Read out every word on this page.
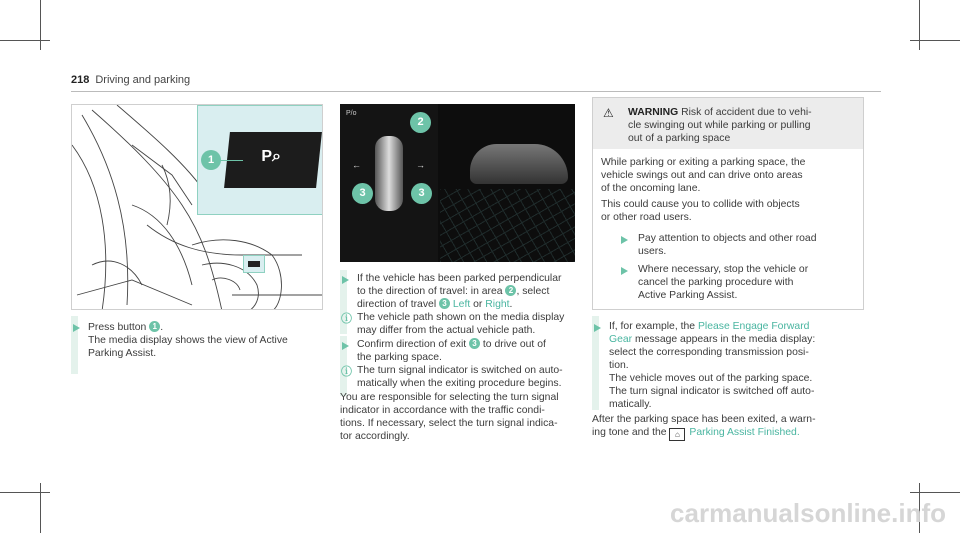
218 Driving and parking
P⌕
1

Press button 1 .

The media display shows the view of Active

Parking Assist.

P/o
←	→
2
3	3

If the vehicle has been parked perpendicular

to the direction of travel: in area 2 , select

direction of travel 3 Left or Right.

ⓘ The vehicle path shown on the media display

may differ from the actual vehicle path.

Confirm direction of exit 3 to drive out of

the parking space.

ⓘ The turn signal indicator is switched on auto-

matically when the exiting procedure begins.

You are responsible for selecting the turn signal

indicator in accordance with the traffic condi-

tions. If necessary, select the turn signal indica-

tor accordingly.

⚠ WARNING Risk of accident due to vehi-

cle swinging out while parking or pulling

out of a parking space

While parking or exiting a parking space, the

vehicle swings out and can drive onto areas

of the oncoming lane.

This could cause you to collide with objects

or other road users.

Pay attention to objects and other road

users.

Where necessary, stop the vehicle or

cancel the parking procedure with

Active Parking Assist.

If, for example, the Please Engage Forward

Gear message appears in the media display:

select the corresponding transmission posi-

tion.

The vehicle moves out of the parking space.

The turn signal indicator is switched off auto-

matically.

After the parking space has been exited, a warn-

ing tone and the ⌂ Parking Assist Finished.

carmanualsonline.info
